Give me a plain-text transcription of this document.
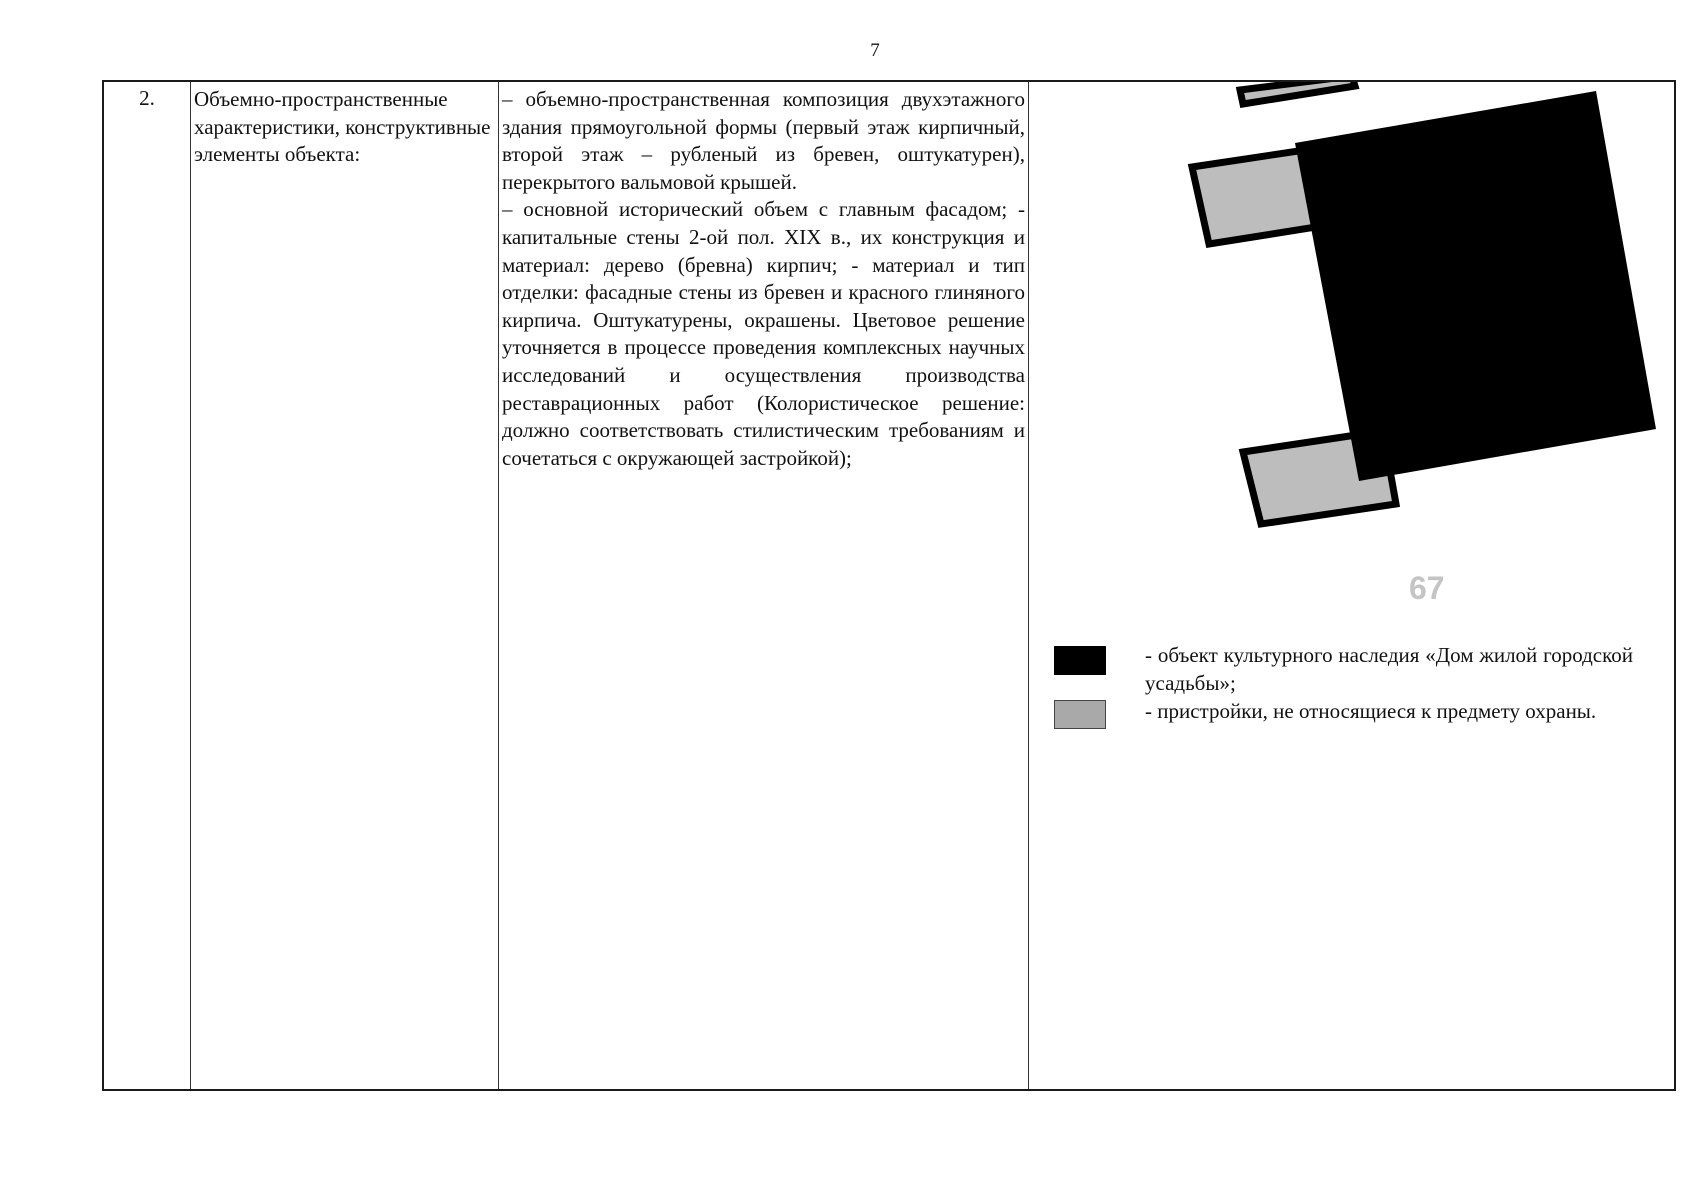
7
2.	Объемно-пространственные характеристики, конструктивные элементы объекта:

– объемно-пространственная композиция двухэтажного здания прямоугольной формы (первый этаж кирпичный, второй этаж – рубленый из бревен, оштукатурен), перекрытого вальмовой крышей.

– основной исторический объем с главным фасадом; - капитальные стены 2-ой пол. XIX в., их конструкция и материал: дерево (бревна) кирпич; - материал и тип отделки: фасадные стены из бревен и красного глиняного кирпича. Оштукатурены, окрашены. Цветовое решение уточняется в процессе проведения комплексных научных исследований и осуществления производства реставрационных работ (Колористическое решение: должно соответствовать стилистическим требованиям и сочетаться с окружающей застройкой);

67
- объект культурного наследия «Дом жилой городской усадьбы»;
- пристройки, не относящиеся к предмету охраны.
